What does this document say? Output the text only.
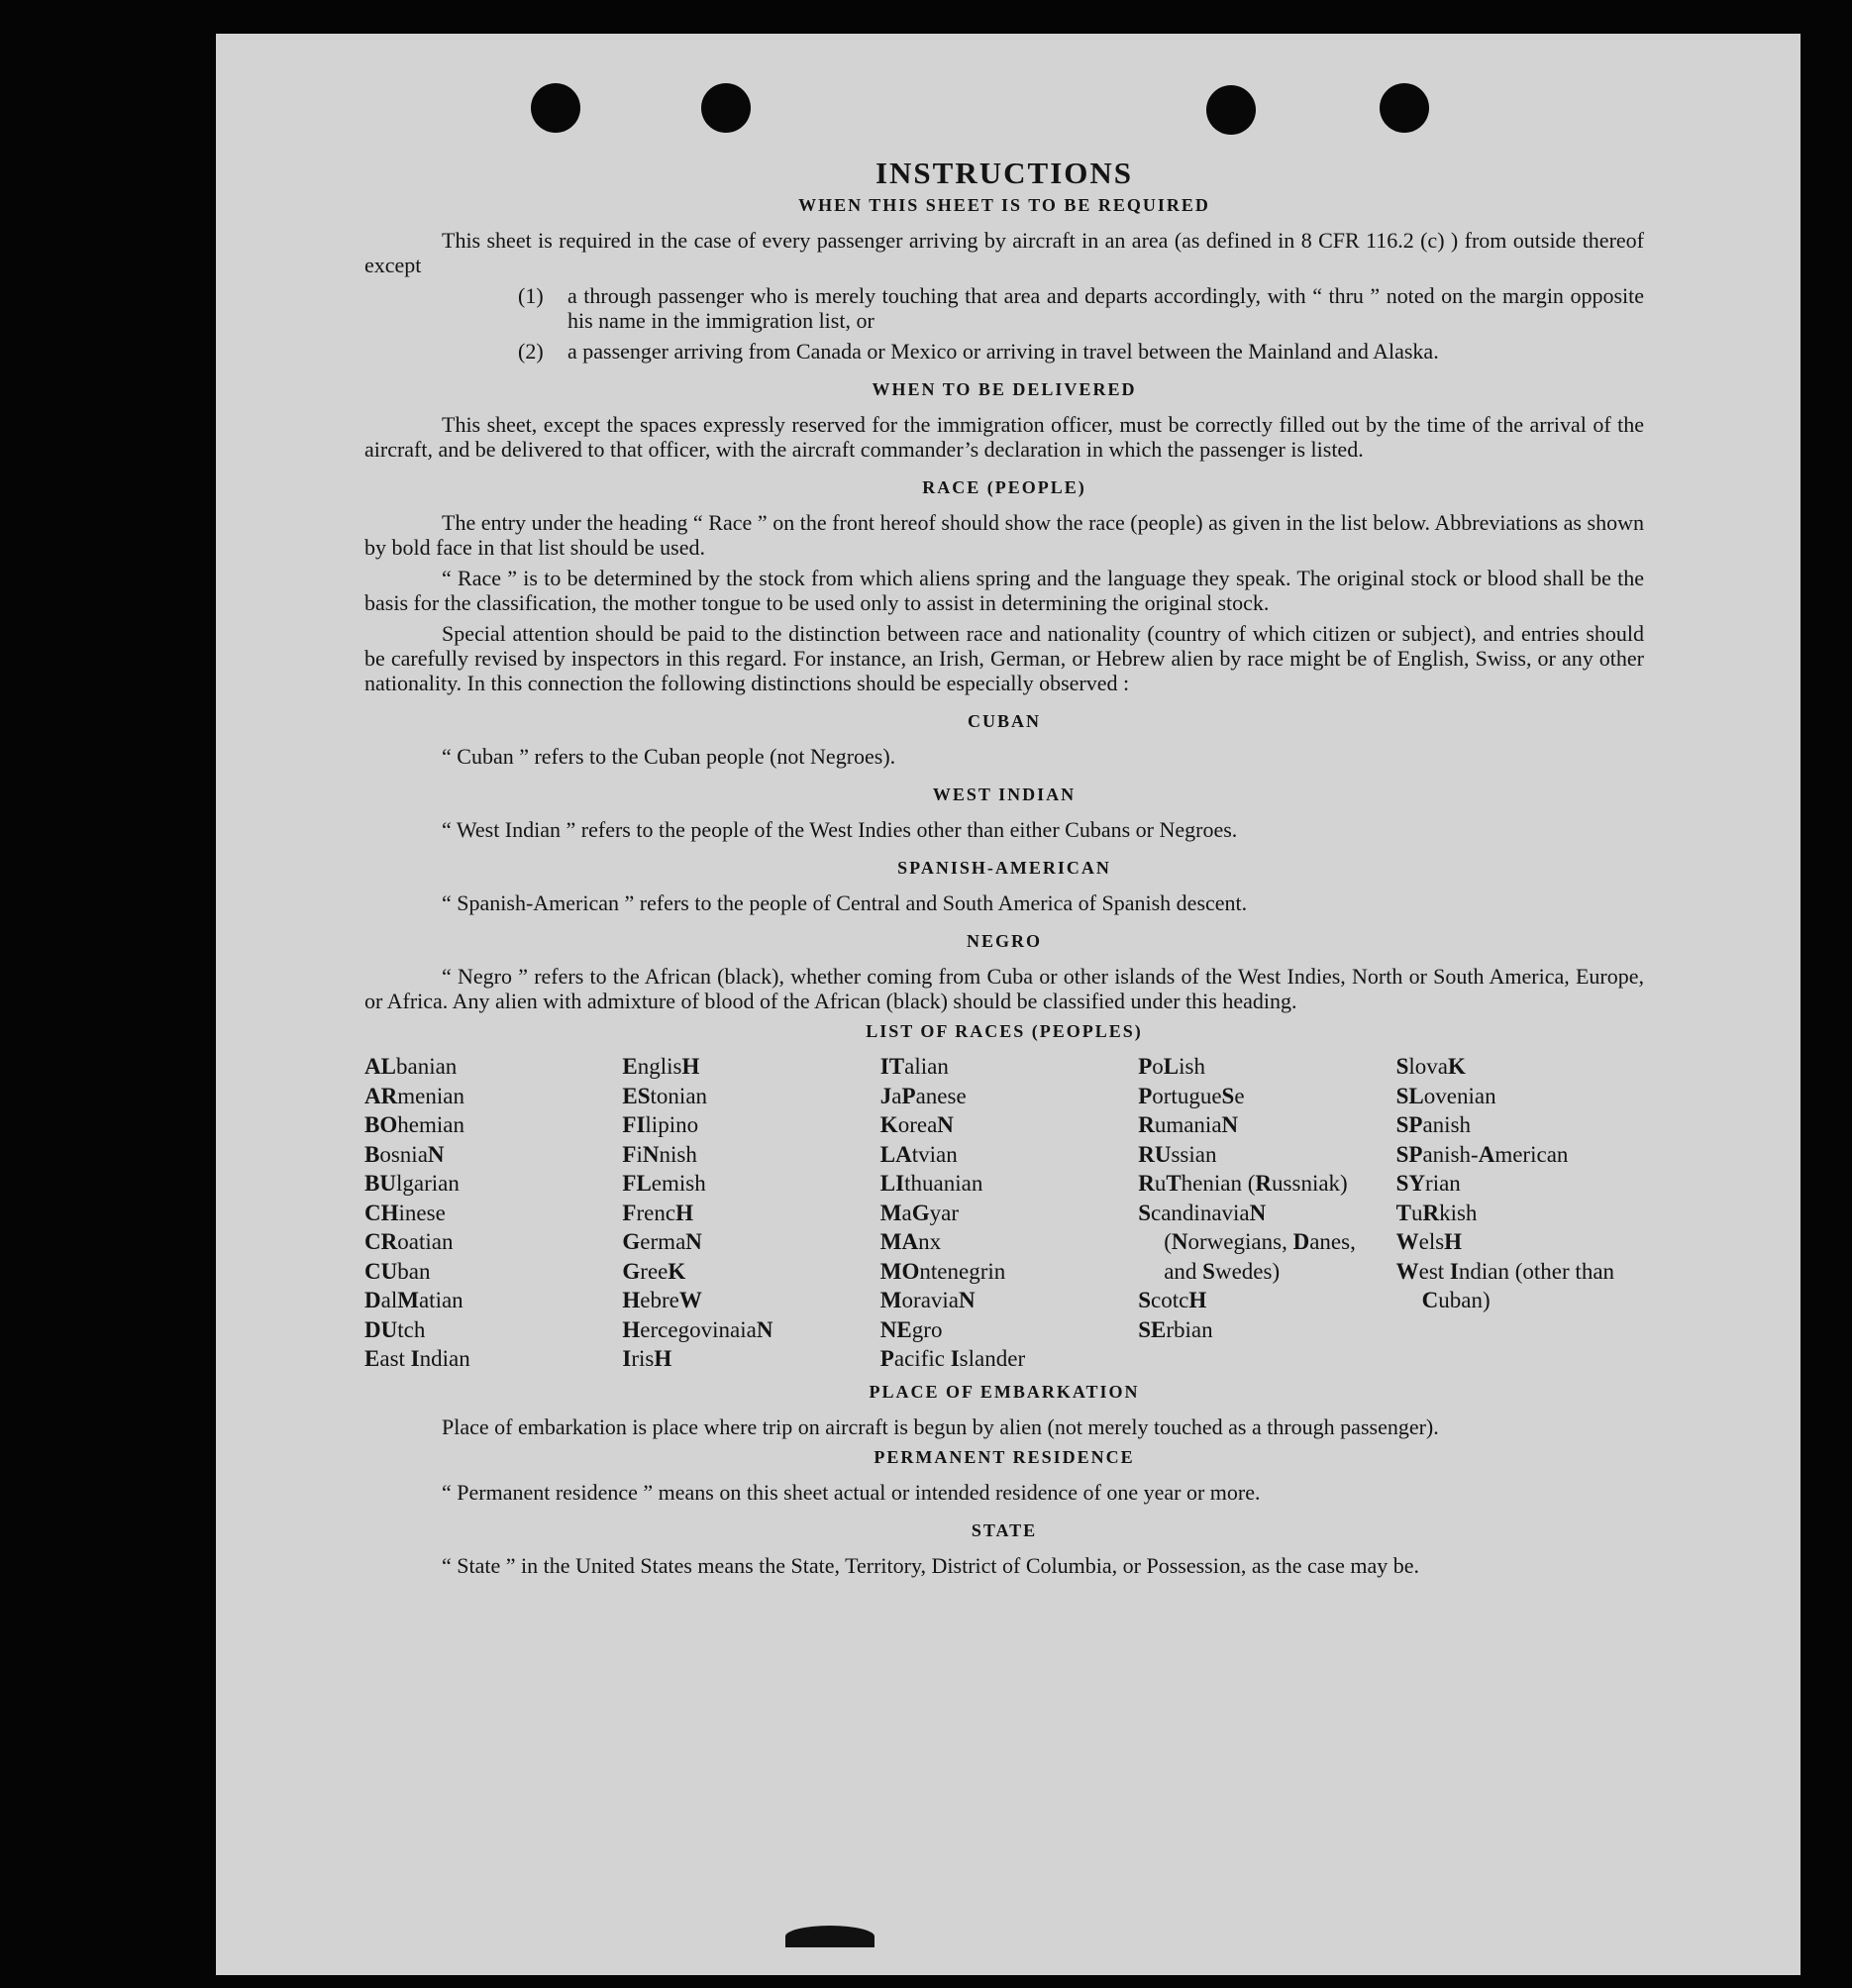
INSTRUCTIONS
WHEN THIS SHEET IS TO BE REQUIRED

This sheet is required in the case of every passenger arriving by aircraft in an area (as defined in 8 CFR 116.2 (c) ) from outside thereof except

(1)	a through passenger who is merely touching that area and departs accordingly, with “ thru ” noted on the margin opposite his name in the immigration list, or
(2)	a passenger arriving from Canada or Mexico or arriving in travel between the Mainland and Alaska.
WHEN TO BE DELIVERED

This sheet, except the spaces expressly reserved for the immigration officer, must be correctly filled out by the time of the arrival of the aircraft, and be delivered to that officer, with the aircraft commander’s declaration in which the passenger is listed.

RACE (PEOPLE)

The entry under the heading “ Race ” on the front hereof should show the race (people) as given in the list below. Abbreviations as shown by bold face in that list should be used.

“ Race ” is to be determined by the stock from which aliens spring and the language they speak. The original stock or blood shall be the basis for the classification, the mother tongue to be used only to assist in determining the original stock.

Special attention should be paid to the distinction between race and nationality (country of which citizen or subject), and entries should be carefully revised by inspectors in this regard. For instance, an Irish, German, or Hebrew alien by race might be of English, Swiss, or any other nationality. In this connection the following distinctions should be especially observed :

CUBAN

“ Cuban ” refers to the Cuban people (not Negroes).

WEST INDIAN

“ West Indian ” refers to the people of the West Indies other than either Cubans or Negroes.

SPANISH-AMERICAN

“ Spanish-American ” refers to the people of Central and South America of Spanish descent.

NEGRO

“ Negro ” refers to the African (black), whether coming from Cuba or other islands of the West Indies, North or South America, Europe, or Africa. Any alien with admixture of blood of the African (black) should be classified under this heading.

LIST OF RACES (PEOPLES)
ALbanian
ARmenian
BOhemian
BosniaN
BUlgarian
CHinese
CRoatian
CUban
DalMatian
DUtch
East Indian
EnglisH
EStonian
FIlipino
FiNnish
FLemish
FrencH
GermaN
GreeK
HebreW
HercegovinaiaN
IrisH
ITalian
JaPanese
KoreaN
LAtvian
LIthuanian
MaGyar
MAnx
MOntenegrin
MoraviaN
NEgro
Pacific Islander
PoLish
PortugueSe
RumaniaN
RUssian
RuThenian (Russniak)
ScandinaviaN (Norwegians, Danes, and Swedes)
ScotcH
SErbian
SlovaK
SLovenian
SPanish
SPanish-American
SYrian
TuRkish
WelsH
West Indian (other than Cuban)
PLACE OF EMBARKATION

Place of embarkation is place where trip on aircraft is begun by alien (not merely touched as a through passenger).

PERMANENT RESIDENCE

“ Permanent residence ” means on this sheet actual or intended residence of one year or more.

STATE

“ State ” in the United States means the State, Territory, District of Columbia, or Possession, as the case may be.
